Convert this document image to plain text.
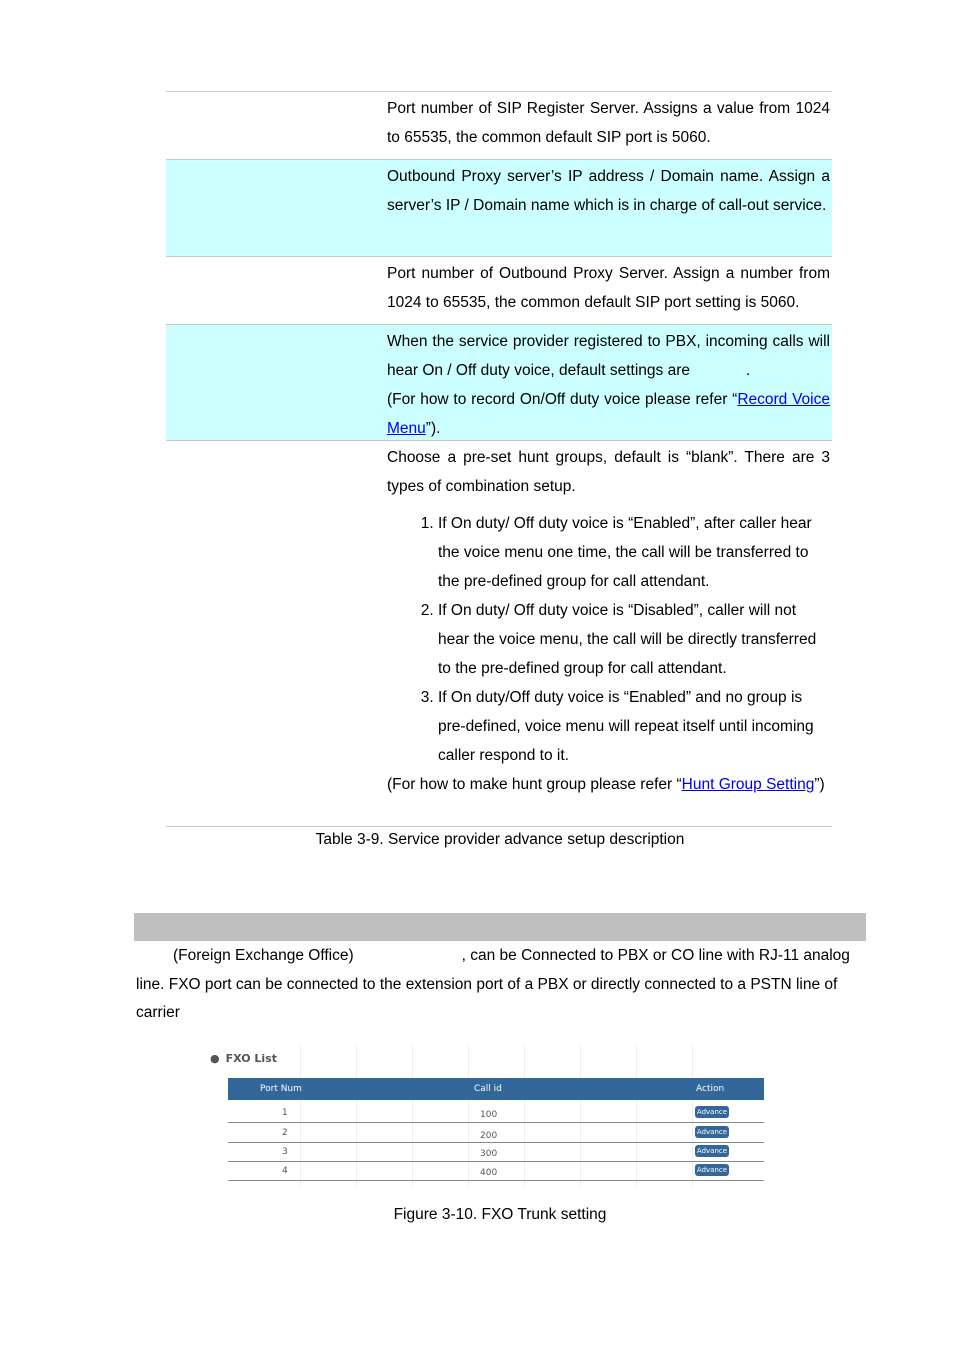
Port number of SIP Register Server. Assigns a value from 1024 to 65535, the common default SIP port is 5060.

Outbound Proxy server’s IP address / Domain name. Assign a server’s IP / Domain name which is in charge of call-out service.

Port number of Outbound Proxy Server. Assign a number from 1024 to 65535, the common default SIP port setting is 5060.

When the service provider registered to PBX, incoming calls will hear On / Off duty voice, default settings are	.
(For how to record On/Off duty voice please refer “Record Voice Menu”).

Choose a pre-set hunt groups, default is “blank”. There are 3 types of combination setup.

1. If On duty/ Off duty voice is “Enabled”, after caller hear the voice menu one time, the call will be transferred to the pre-defined group for call attendant.
2. If On duty/ Off duty voice is “Disabled”, caller will not hear the voice menu, the call will be directly transferred to the pre-defined group for call attendant.
3. If On duty/Off duty voice is “Enabled” and no group is pre-defined, voice menu will repeat itself until incoming caller respond to it.

(For how to make hunt group please refer “Hunt Group Setting”)

Table 3-9. Service provider advance setup description
(Foreign Exchange Office)	, can be Connected to PBX or CO line with RJ-11 analog line. FXO port can be connected to the extension port of a PBX or directly connected to a PSTN line of carrier
● FXO List
Port Num	Call id	Action
1	100	Advance
2	200	Advance
3	300	Advance
4	400	Advance
Figure 3-10. FXO Trunk setting
